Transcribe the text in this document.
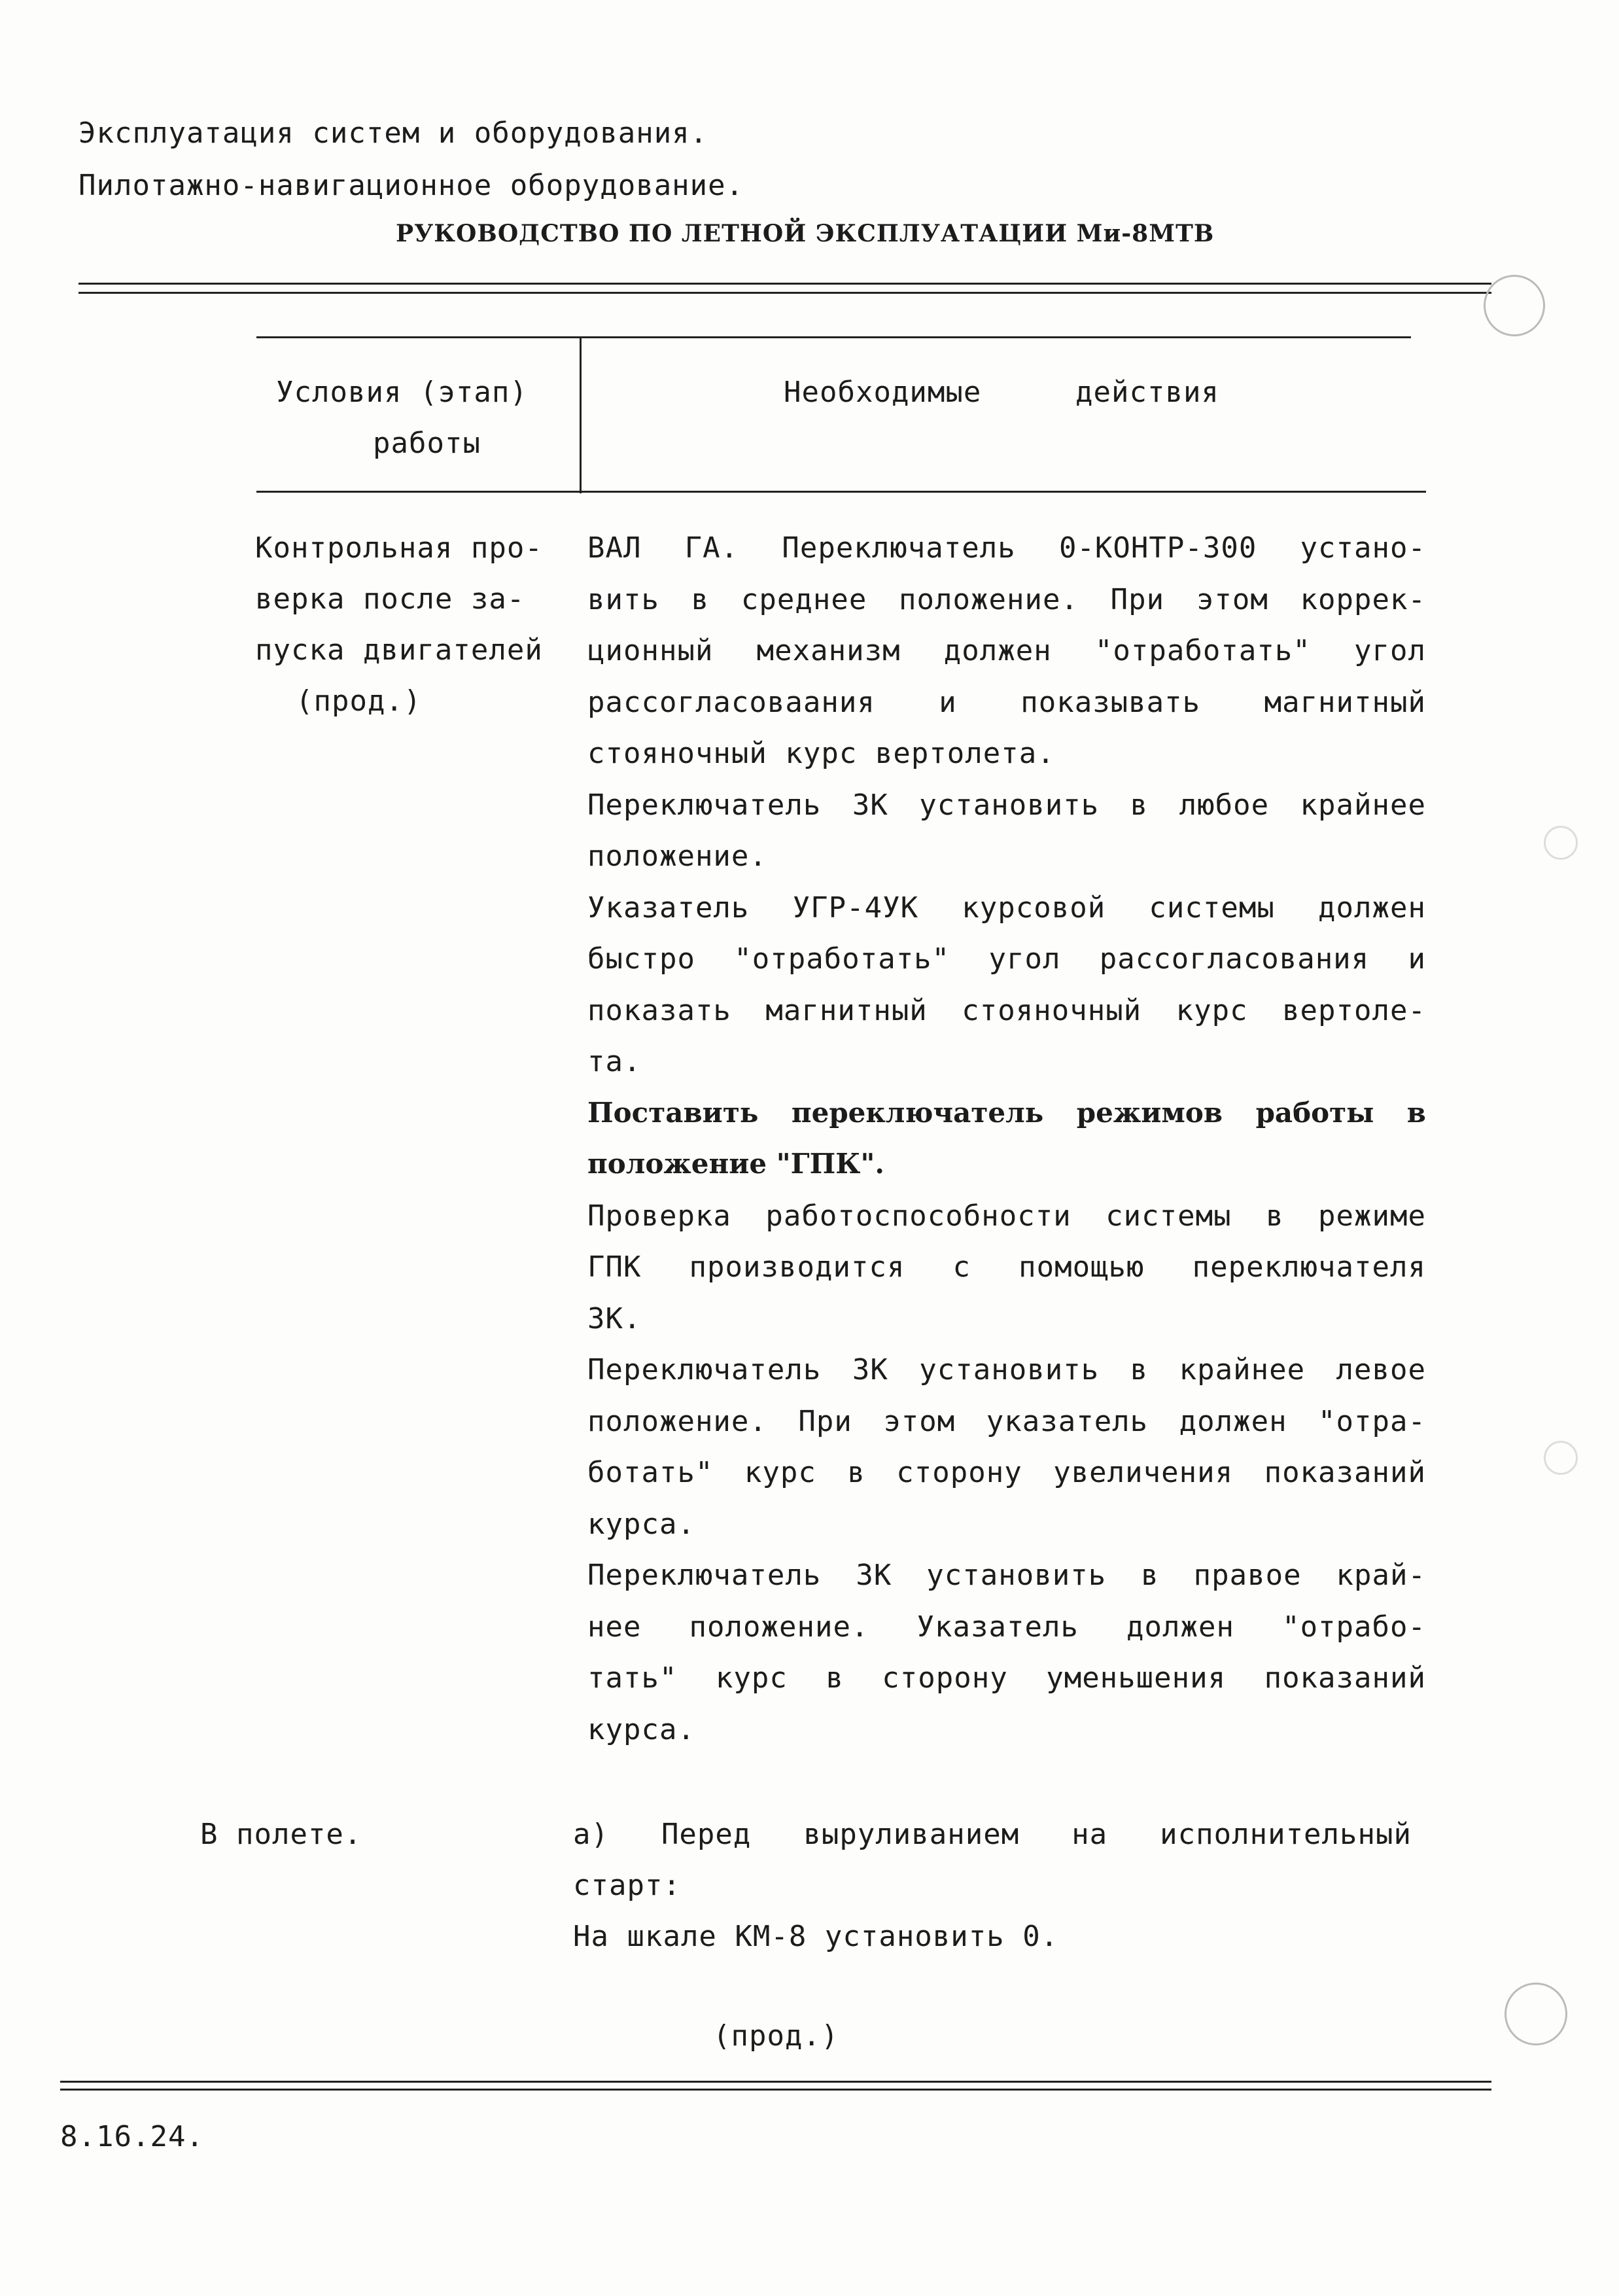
Эксплуатация систем и оборудования.
Пилотажно-навигационное оборудование.
РУКОВОДСТВО ПО ЛЕТНОЙ ЭКСПЛУАТАЦИИ Ми-8МТВ
Условия (этап)
работы
Необходимые	действия
Контрольная про-
верка после за-
пуска двигателей
(прод.)
ВАЛ ГА. Переключатель 0-КОНТР-300 устано-
вить в среднее положение. При этом коррек-
ционный механизм должен "отработать" угол
рассогласоваания и показывать магнитный
стояночный курс вертолета.
Переключатель ЗК установить в любое крайнее
положение.
Указатель УГР-4УК курсовой системы должен
быстро "отработать" угол рассогласования и
показать магнитный стояночный курс вертоле-
та.
Поставить переключатель режимов работы в
положение "ГПК".
Проверка работоспособности системы в режиме
ГПК производится с помощью переключателя
ЗК.
Переключатель ЗК установить в крайнее левое
положение. При этом указатель должен "отра-
ботать" курс в сторону увеличения показаний
курса.
Переключатель ЗК установить в правое край-
нее положение. Указатель должен "отрабо-
тать" курс в сторону уменьшения показаний
курса.
В полете.	а) Перед выруливанием на исполнительный
старт:
На шкале КМ-8 установить 0.
(прод.)
8.16.24.
